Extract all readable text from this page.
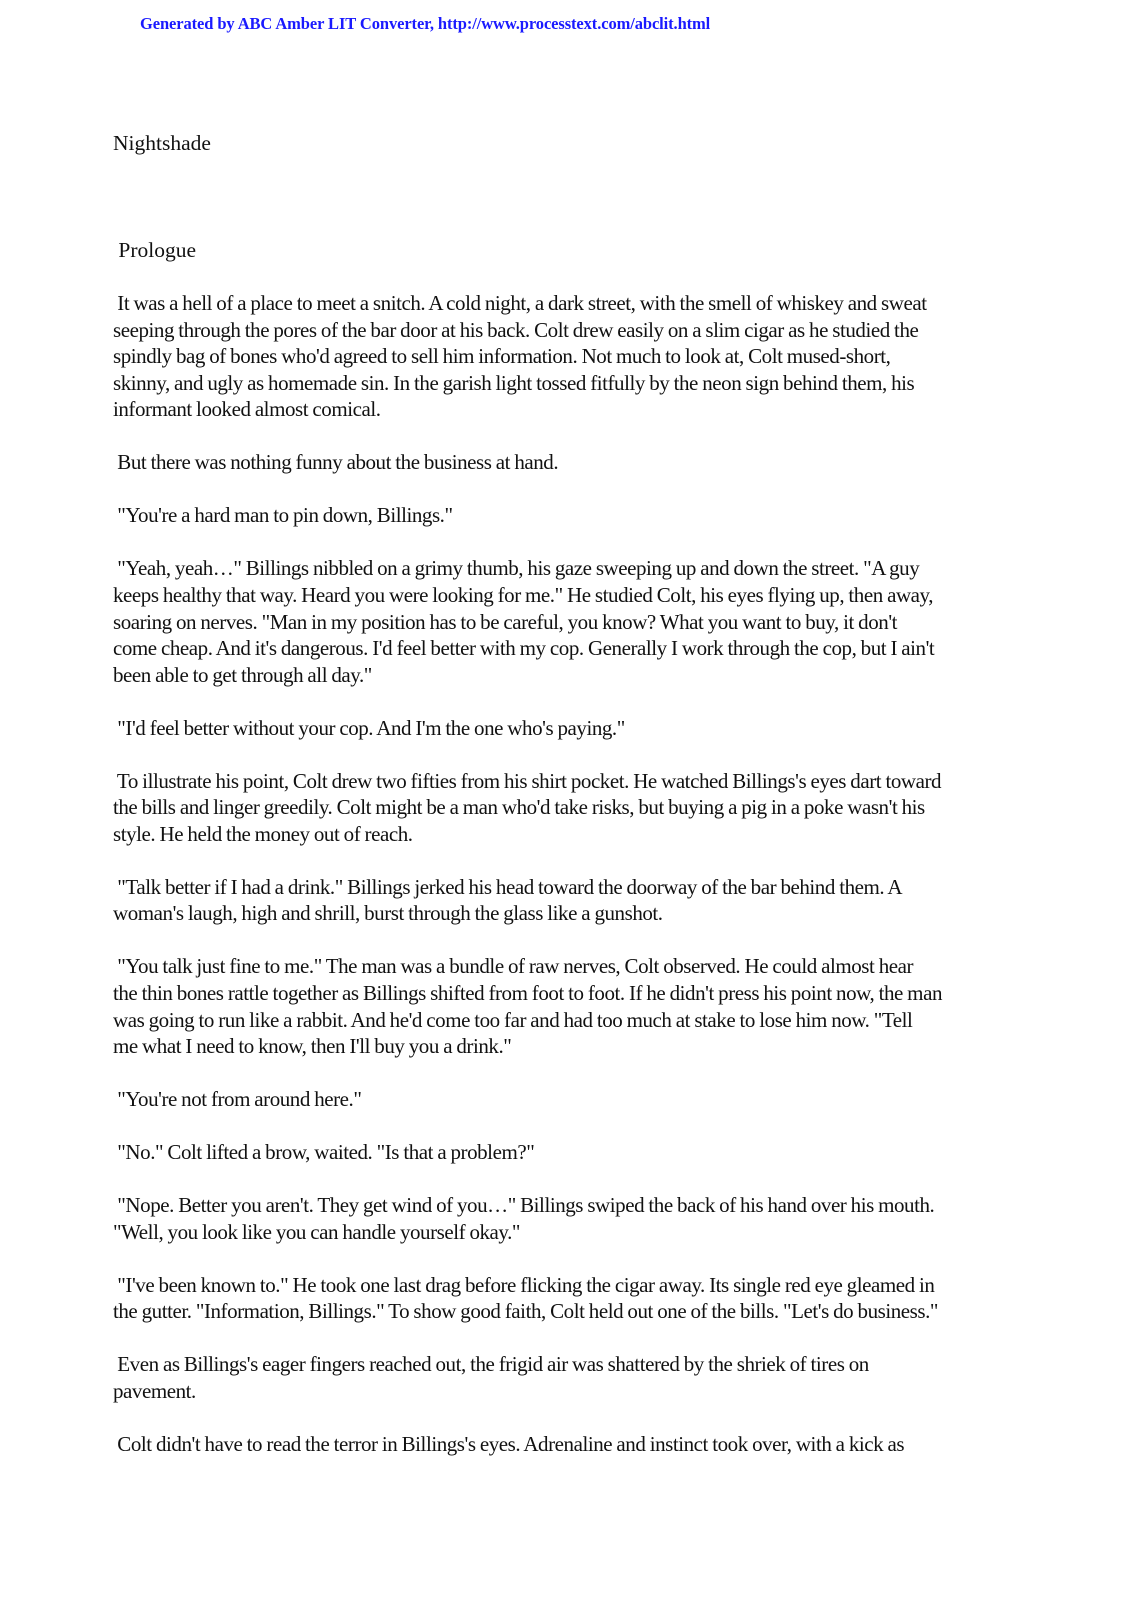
Generated by ABC Amber LIT Converter, http://www.processtext.com/abclit.html
Nightshade
Prologue

It was a hell of a place to meet a snitch. A cold night, a dark street, with the smell of whiskey and sweat
seeping through the pores of the bar door at his back. Colt drew easily on a slim cigar as he studied the
spindly bag of bones who'd agreed to sell him information. Not much to look at, Colt mused-short,
skinny, and ugly as homemade sin. In the garish light tossed fitfully by the neon sign behind them, his
informant looked almost comical.

But there was nothing funny about the business at hand.

"You're a hard man to pin down, Billings."

"Yeah, yeah…" Billings nibbled on a grimy thumb, his gaze sweeping up and down the street. "A guy
keeps healthy that way. Heard you were looking for me." He studied Colt, his eyes flying up, then away,
soaring on nerves. "Man in my position has to be careful, you know? What you want to buy, it don't
come cheap. And it's dangerous. I'd feel better with my cop. Generally I work through the cop, but I ain't
been able to get through all day."

"I'd feel better without your cop. And I'm the one who's paying."

To illustrate his point, Colt drew two fifties from his shirt pocket. He watched Billings's eyes dart toward
the bills and linger greedily. Colt might be a man who'd take risks, but buying a pig in a poke wasn't his
style. He held the money out of reach.

"Talk better if I had a drink." Billings jerked his head toward the doorway of the bar behind them. A
woman's laugh, high and shrill, burst through the glass like a gunshot.

"You talk just fine to me." The man was a bundle of raw nerves, Colt observed. He could almost hear
the thin bones rattle together as Billings shifted from foot to foot. If he didn't press his point now, the man
was going to run like a rabbit. And he'd come too far and had too much at stake to lose him now. "Tell
me what I need to know, then I'll buy you a drink."

"You're not from around here."

"No." Colt lifted a brow, waited. "Is that a problem?"

"Nope. Better you aren't. They get wind of you…" Billings swiped the back of his hand over his mouth.
"Well, you look like you can handle yourself okay."

"I've been known to." He took one last drag before flicking the cigar away. Its single red eye gleamed in
the gutter. "Information, Billings." To show good faith, Colt held out one of the bills. "Let's do business."

Even as Billings's eager fingers reached out, the frigid air was shattered by the shriek of tires on
pavement.

Colt didn't have to read the terror in Billings's eyes. Adrenaline and instinct took over, with a kick as
